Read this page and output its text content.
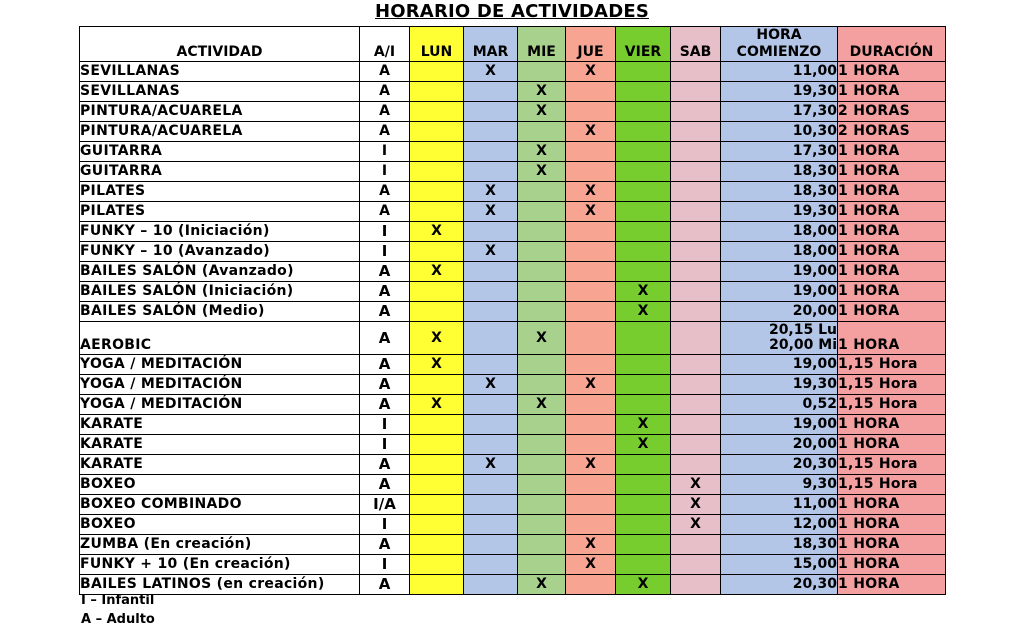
HORARIO DE ACTIVIDADES
ACTIVIDAD	A/I	LUN	MAR	MIE	JUE	VIER	SAB	HORA
COMIENZO	DURACIÓN
SEVILLANAS	A		X		X			11,00	1 HORA
SEVILLANAS	A			X				19,30	1 HORA
PINTURA/ACUARELA	A			X				17,30	2 HORAS
PINTURA/ACUARELA	A				X			10,30	2 HORAS
GUITARRA	I			X				17,30	1 HORA
GUITARRA	I			X				18,30	1 HORA
PILATES	A		X		X			18,30	1 HORA
PILATES	A		X		X			19,30	1 HORA
FUNKY – 10 (Iniciación)	I	X						18,00	1 HORA
FUNKY – 10 (Avanzado)	I		X					18,00	1 HORA
BAILES SALÓN (Avanzado)	A	X						19,00	1 HORA
BAILES SALÓN (Iniciación)	A					X		19,00	1 HORA
BAILES SALÓN (Medio)	A					X		20,00	1 HORA
AEROBIC	A	X		X				20,15 Lu
20,00 Mi	1 HORA
YOGA / MEDITACIÓN	A	X						19,00	1,15 Hora
YOGA / MEDITACIÓN	A		X		X			19,30	1,15 Hora
YOGA / MEDITACIÓN	A	X		X				0,52	1,15 Hora
KARATE	I					X		19,00	1 HORA
KARATE	I					X		20,00	1 HORA
KARATE	A		X		X			20,30	1,15 Hora
BOXEO	A						X	9,30	1,15 Hora
BOXEO COMBINADO	I/A						X	11,00	1 HORA
BOXEO	I						X	12,00	1 HORA
ZUMBA (En creación)	A				X			18,30	1 HORA
FUNKY + 10 (En creación)	I				X			15,00	1 HORA
BAILES LATINOS (en creación)	A			X		X		20,30	1 HORA
I – Infantil
A – Adulto
